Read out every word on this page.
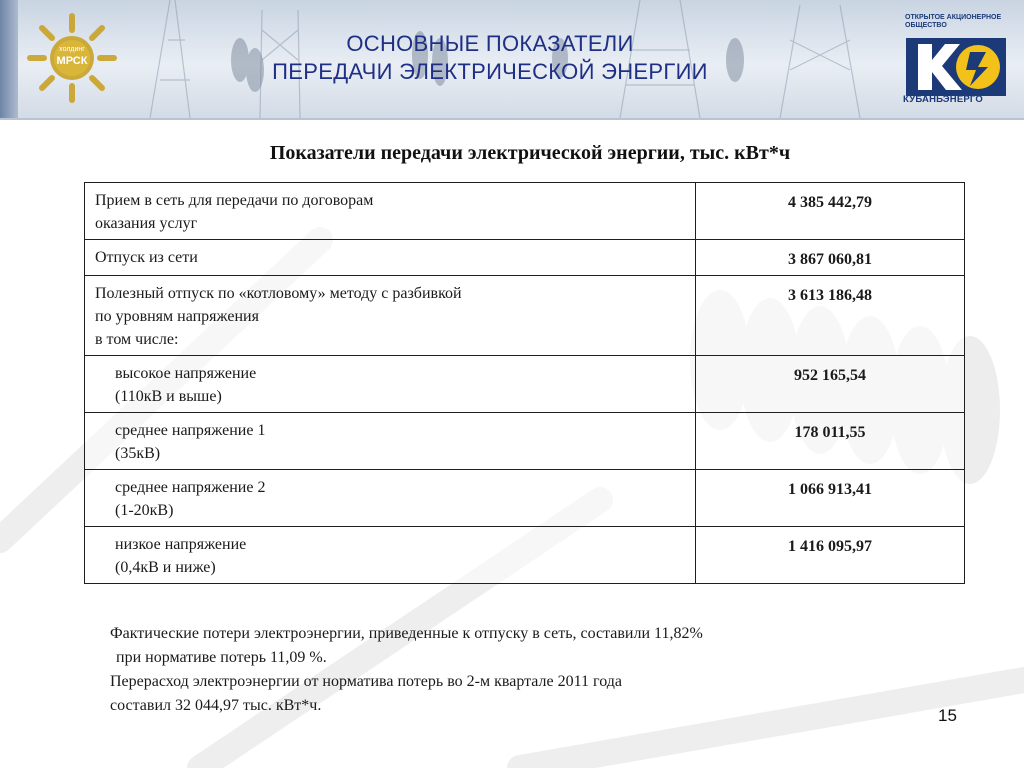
холдинг
МРСК
ОСНОВНЫЕ ПОКАЗАТЕЛИ
ПЕРЕДАЧИ ЭЛЕКТРИЧЕСКОЙ ЭНЕРГИИ
ОТКРЫТОЕ АКЦИОНЕРНОЕ
ОБЩЕСТВО
КУБАНЬЭНЕРГО
Показатели передачи электрической энергии, тыс. кВт*ч
Прием в сеть для передачи по договорам
оказания услуг	4 385 442,79

Отпуск из сети	3 867 060,81

Полезный отпуск по «котловому» методу с разбивкой
по уровням напряжения
в том числе:	3 613 186,48

высокое напряжение
(110кВ и выше)	952 165,54

среднее напряжение 1
(35кВ)	178 011,55

среднее напряжение 2
(1-20кВ)	1 066 913,41

низкое напряжение
(0,4кВ и ниже)	1 416 095,97
Фактические потери электроэнергии, приведенные к отпуску в сеть, составили 11,82%
при нормативе потерь 11,09 %.
Перерасход электроэнергии от норматива потерь во 2-м квартале 2011 года
составил 32 044,97 тыс. кВт*ч.
15
